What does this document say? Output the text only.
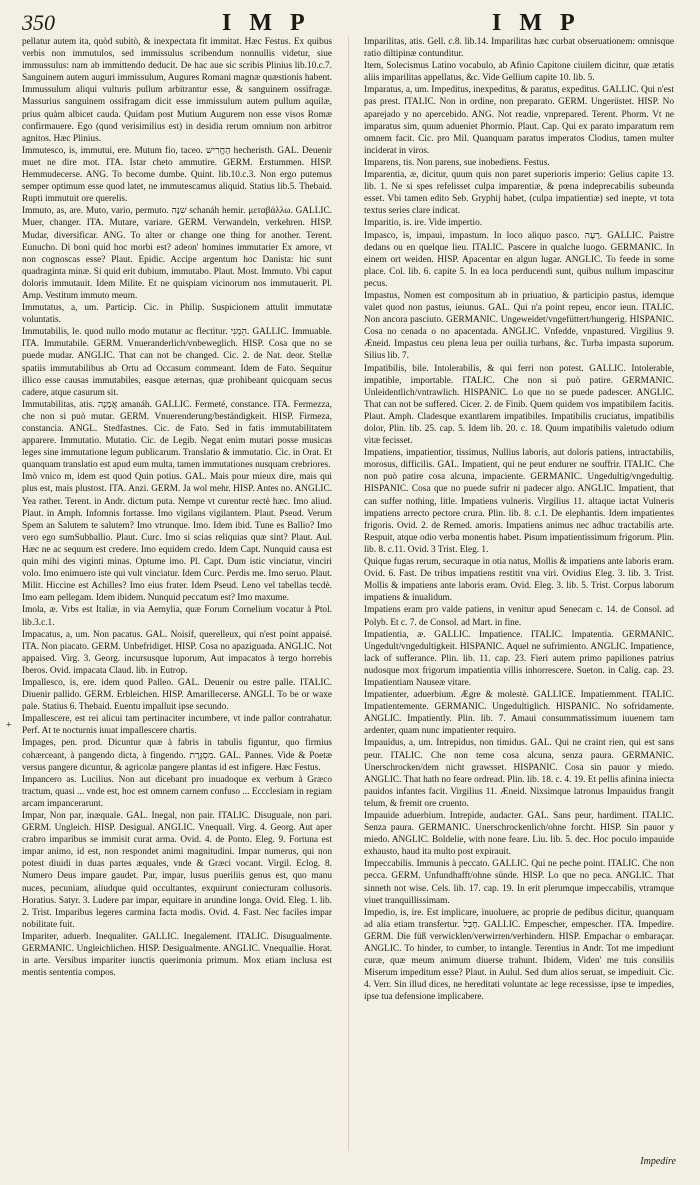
350	I M P	I M P
+

pellatur autem ita, quòd subitò, & inexpectata fit immitat. Hæc Festus. Ex quibus verbis non immutulos, sed immissulus scribendum nonnullis videtur, siue immussulus: nam ab immittendo deducit. De hac aue sic scribis Plinius lib.10.c.7. Sanguinem autem auguri immissulum, Augures Romani magnæ quæstionis habent. Immussulum aliqui vulturis pullum arbitrantur esse, & sanguinem ossifragæ. Massurius sanguinem ossifragam dicit esse immissulum autem pullum aquilæ, prius quàm albicet cauda. Quidam post Mutium Augurem non esse visos Romæ confirmauere. Ego (quod verisimilius est) in desidia rerum omnium non arbitror agnitos. Hæc Plinius.

Immutesco, is, immutui, ere. Mutum fio, taceo. הֶחֱרִישׁ hecheristh. GAL. Deuenir muet ne dire mot. ITA. Istar cheto ammutire. GERM. Erstummen. HISP. Hemmudecerse. ANG. To become dumbe. Quint. lib.10.c.3. Non ergo putemus semper optimum esse quod latet, ne immutescamus aliquid. Statius lib.5. Thebaid. Rupti immutuit ore querelis.

Immuto, as, are. Muto, vario, permuto. שִׁנָּה schanáh hemir. μεταβάλλω. GALLIC. Muer, changer. ITA. Mutare, variare. GERM. Verwandeln, verkehren. HISP. Mudar, diversificar. ANG. To alter or change one thing for another. Terent. Eunucho. Di boni quid hoc morbi est? adeon' homines immutarier Ex amore, vt non cognoscas esse? Plaut. Epidic. Accipe argentum hoc Danista: hic sunt quadraginta minæ. Si quid erit dubium, immutabo. Plaut. Most. Immuto. Vbi caput doloris immutauit. Idem Milite. Et ne quispiam vicinorum nos immutauerit. Pl. Amp. Vestitum immuto meum.

Immutatus, a, um. Particip. Cic. in Philip. Suspicionem attulit immutatæ voluntatis.

Immutabilis, le. quod nullo modo mutatur ac flectitur. הֵמְנִי. GALLIC. Immuable. ITA. Immutabile. GERM. Vnueranderlich/vnbeweglich. HISP. Cosa que no se puede mudar. ANGLIC. That can not be changed. Cic. 2. de Nat. deor. Stellæ spatiis immutabilibus ab Ortu ad Occasum commeant. Idem de Fato. Sequitur illico esse causas immutabiles, easque æternas, quæ prohibeant quicquam secus cadere, atque casurum sit.

Immutabilitas, atis. אֲמָנָה amanáh. GALLIC. Fermeté, constance. ITA. Fermezza, che non si può mutar. GERM. Vnuerenderung/beständigkeit. HISP. Firmeza, constancia. ANGL. Stedfastnes. Cic. de Fato. Sed in fatis immutabilitatem apparere. Immutatio. Mutatio. Cic. de Legib. Negat enim mutari posse musicas leges sine immutatione legum publicarum. Translatio & immutatio. Cic. in Orat. Et quanquam translatio est apud eum multa, tamen immutationes nusquam crebriores.

Imò vnico m, idem est quod Quin potius. GAL. Mais pour mieux dire, mais qui plus est, mais plustost. ITA. Anzi. GERM. Ja wol mehr. HISP. Antes no. ANGLIC. Yea rather. Terent. in Andr. dictum puta. Nempe vt curentur rectè hæc. Imo aliud. Plaut. in Amph. Infomnis fortasse. Imo vigilans vigilantem. Plaut. Pseud. Verum Spem an Salutem te salutem? Imo vtrunque. Imo. Idem ibid. Tune es Ballio? Imo vero ego sumSubballio. Plaut. Curc. Imo si scias reliquias quæ sint? Plaut. Aul. Hæc ne ac sequum est credere. Imo equidem credo. Idem Capt. Nunquid causa est quin mihi des viginti minas. Optume imo. Pl. Capt. Dum istic vinciatur, vinciri volo. Imo enimuero iste qui vult vinciatur. Idem Curc. Perdis me. Imo seruo. Plaut. Milit. Hiccine est Achilles? Imo eius frater. Idem Pseud. Leno vel tabellas tecdè. Imo eam pellegam. Idem ibidem. Nunquid peccatum est? Imo maxume.

Imola, æ. Vrbs est Italiæ, in via Aemylia, quæ Forum Cornelium vocatur à Ptol. lib.3.c.1.

Impacatus, a, um. Non pacatus. GAL. Noisif, querelleux, qui n'est point appaisé. ITA. Non piacato. GERM. Unbefridiget. HISP. Cosa no apaziguada. ANGLIC. Not appaised. Virg. 3. Georg. incursusque luporum, Aut impacatos à tergo horrebis Iberos. Ovid. impacata Claud. lib. in Eutrop.

Impallesco, is, ere. idem quod Palleo. GAL. Deuenir ou estre palle. ITALIC. Diuenir pallido. GERM. Erbleichen. HISP. Amarillecerse. ANGLI. To be or waxe pale. Statius 6. Thebaid. Euentu impalluit ipse secundo.

Impallescere, est rei alicui tam pertinaciter incumbere, vt inde pallor contrahatur. Perf. At te nocturnis iuuat impallescere chartis.

Impages, pen. prod. Dicuntur quæ à fabris in tabulis figuntur, quo firmius cohærceant, à pangendo dicta, à fingendo. מִסְגֶּרֶת. GAL. Pannes. Vide & Poetæ versus pangere dicuntur, & agricolæ pangere plantas id est infigere. Hæc Festus.

Impancero as. Lucilius. Non aut dicebant pro inuadoque ex verbum à Græco tractum, quasi ... vnde est, hoc est omnem carnem confuso ... Eccclesiam in regiam arcam impancerarunt.

Impar, Non par, inæquale. GAL. Inegal, non pair. ITALIC. Disuguale, non pari. GERM. Ungleich. HISP. Desigual. ANGLIC. Vnequall. Virg. 4. Georg. Aut aper crabro imparibus se immisit curat arma. Ovid. 4. de Ponto. Eleg. 9. Fortuna est impar animo, id est, non respondet animi magnitudini. Impar numerus, qui non potest diuidi in duas partes æquales, vnde & Græci vocant. Virgil. Eclog. 8. Numero Deus impare gaudet. Par, impar, lusus pueriliis genus est, quo manu nuces, pecuniam, aliudque quid occultantes, exquirunt coniecturam collusoris. Horatius. Satyr. 3. Ludere par impar, equitare in arundine longa. Ovid. Eleg. 1. lib. 2. Trist. Imparibus legeres carmina facta modis. Ovid. 4. Fast. Nec faciles impar nobilitate fuit.

Impariter, aduerb. Inequaliter. GALLIC. Inegalement. ITALIC. Disugualmente. GERMANIC. Ungleichlichen. HISP. Desigualmente. ANGLIC. Vnequallie. Horat. in arte. Versibus impariter iunctis querimonia primum. Mox etiam inclusa est mentis sententia compos.

Imparilitas, atis. Gell. c.8. lib.14. Imparilitas hæc curbat obseruationem: omnisque ratio diltipinæ contunditur.

Item, Solecismus Latino vocabulo, ab Afinio Capitone ciuilem dicitur, quæ ætatis aliis imparilitas appellatus, &c. Vide Gellium capite 10. lib. 5.

Imparatus, a, um. Impeditus, inexpeditus, & paratus, expeditus. GALLIC. Qui n'est pas prest. ITALIC. Non in ordine, non preparato. GERM. Ungerüstet. HISP. No aparejado y no apercebido. ANG. Not readie, vnprepared. Terent. Phorm. Vt ne imparatus sim, quum adueniet Phormio. Plaut. Cap. Qui ex parato imparatum rem omnem facit. Cic. pro Mil. Quanquam paratus imperatos Clodius, tamen multer inciderat in viros.

Imparens, tis. Non parens, sue inobediens. Festus.

Imparentia, æ, dicitur, quum quis non paret superioris imperio: Gelius capite 13. lib. 1. Ne si spes refelisset culpa imparentiæ, & pœna indeprecabilis subeunda esset. Vbi tamen edito Seb. Gryphij habet, (culpa impatientiæ) sed inepte, vt tota textus series clare indicat.

Imparitio, is. ire. Vide impertio.

Impasco, is, impaui, impastum. In loco aliquo pasco. רָעָה. GALLIC. Paistre dedans ou en quelque lieu. ITALIC. Pascere in qualche luogo. GERMANIC. In einem ort weiden. HISP. Apacentar en algun lugar. ANGLIC. To feede in some place. Col. lib. 6. capite 5. In ea loca perducendi sunt, quibus nullum impascitur pecus.

Impastus, Nomen est compositum ab in priuatiuo, & participio pastus, idemque valet quod non pastus, ieiunus. GAL. Qui n'a point repeu, encor ieun. ITALIC. Non ancora pasciuto. GERMANIC. Ungeweidet/vngefüttert/hungerig. HISPANIC. Cosa no cenada o no apacentada. ANGLIC. Vnfedde, vnpastured. Virgilius 9. Æneid. Impastus ceu plena leua per ouilia turbans, &c. Turba impasta suporum. Silius lib. 7.

Impatibilis, bile. Intolerabilis, & qui ferri non potest. GALLIC. Intolerable, impatible, importable. ITALIC. Che non si può patire. GERMANIC. Unleidentlich/vntrawlich. HISPANIC. Lo que no se puede padescer. ANGLIC. That can not be suffered. Cicer. 2. de Finib. Quem quidem vos impatibilem facitis. Plaut. Amph. Cladesque exantlarem impatibiles. Impatibilis cruciatus, impatibilis dolor, Plin. lib. 25. cap. 5. Idem lib. 20. c. 18. Quum impatibilis valetudo odium vitæ fecisset.

Impatiens, impatientior, tissimus, Nullius laboris, aut doloris patiens, intractabilis, morosus, difficilis. GAL. Impatient, qui ne peut endurer ne souffrir. ITALIC. Che non può patire cosa alcuna, impaciente. GERMANIC. Ungedultig/vngedultig. HISPANIC. Cosa que no puede sufrir ni padecer algo. ANGLIC. Impatient, that can suffer nothing, litle. Impatiens vulneris. Virgilius 11. altaque iactat Vulneris impatiens arrecto pectore crura. Plin. lib. 8. c.1. De elephantis. Idem impatientes frigoris. Ovid. 2. de Remed. amoris. Impatiens animus nec adhuc tractabilis arte. Respuit, atque odio verba monentis habet. Pisum impatientissimum frigorum. Plin. lib. 8. c.11. Ovid. 3 Trist. Eleg. 1.

Quique fugas rerum, securaque in otia natus, Mollis & impatiens ante laboris eram. Ovid. 6. Fast. De tribus impatiens restitit vna viri. Ovidius Eleg. 3. lib. 3. Trist. Mollis & impatiens ante laboris eram. Ovid. Eleg. 3. lib. 5. Trist. Corpus laborum impatiens & inualidum.

Impatiens eram pro valde patiens, in venitur apud Senecam c. 14. de Consol. ad Polyb. Et c. 7. de Consol. ad Mart. in fine.

Impatientia, æ. GALLIC. Impatience. ITALIC. Impatentia. GERMANIC. Ungedult/vngedultigkeit. HISPANIC. Aquel ne sufrimiento. ANGLIC. Impatience, lack of sufferance. Plin. lib. 11. cap. 23. Fieri autem primo papiliones patrius nudosque mox frigorum impatientia villis inhorrescere. Sueton. in Calig. cap. 23. Impatientiam Nauseæ vitare.

Impatienter, aduerbium. Ægre & molestè. GALLICE. Impatiemment. ITALIC. Impatientemente. GERMANIC. Ungedultiglich. HISPANIC. No sofridamente. ANGLIC. Impatiently. Plin. lib. 7. Amaui consummatissimum iuuenem tam ardenter, quam nunc impatienter requiro.

Impauidus, a, um. Intrepidus, non timidus. GAL. Qui ne craint rien, qui est sans peur. ITALIC. Che non teme cosa alcuna, senza paura. GERMANIC. Unerschrocken/dem nicht grawsset. HISPANIC. Cosa sin pauor y miedo. ANGLIC. That hath no feare ordread. Plin. lib. 18. c. 4. 19. Et pellis afinina iniecta pauidos infantes facit. Virgilius 11. Æneid. Nixsimque latronus Impauidus frangit telum, & fremit ore cruento.

Impauide aduerbium. Intrepide, audacter. GAL. Sans peur, hardiment. ITALIC. Senza paura. GERMANIC. Unerschrockenlich/ohne forcht. HISP. Sin pauor y miedo. ANGLIC. Boldelie, with none feare. Liu. lib. 5. dec. Hoc poculo impauide exhausto, haud ita multo post expirauit.

Impeccabilis. Immunis à peccato. GALLIC. Qui ne peche point. ITALIC. Che non pecca. GERM. Unfundhafft/ohne sünde. HISP. Lo que no peca. ANGLIC. That sinneth not wise. Cels. lib. 17. cap. 19. In erit plerumque impeccabilis, vtramque viuet tranquillissimam.

Impedio, is, ire. Est implicare, inuoluere, ac proprie de pedibus dicitur, quanquam ad alia etiam transfertur. חָבַל. GALLIC. Empescher, empescher. ITA. Impedire. GERM. Die füß verwicklen/verwirren/verhindern. HISP. Empachar o embaraçar. ANGLIC. To hinder, to cumber, to intangle. Terentius in Andr. Tot me impediunt curæ, quæ meum animum diuerse trahunt. Ibidem, Viden' me tuis consiliis Miserum impeditum esse? Plaut. in Aulul. Sed dum alios seruat, se impediuit. Cic. 4. Verr. Sin illud dices, ne hereditati voluntate ac lege recessisse, ipse te impedies, ipse tua defensione implicabere.

Impedire
